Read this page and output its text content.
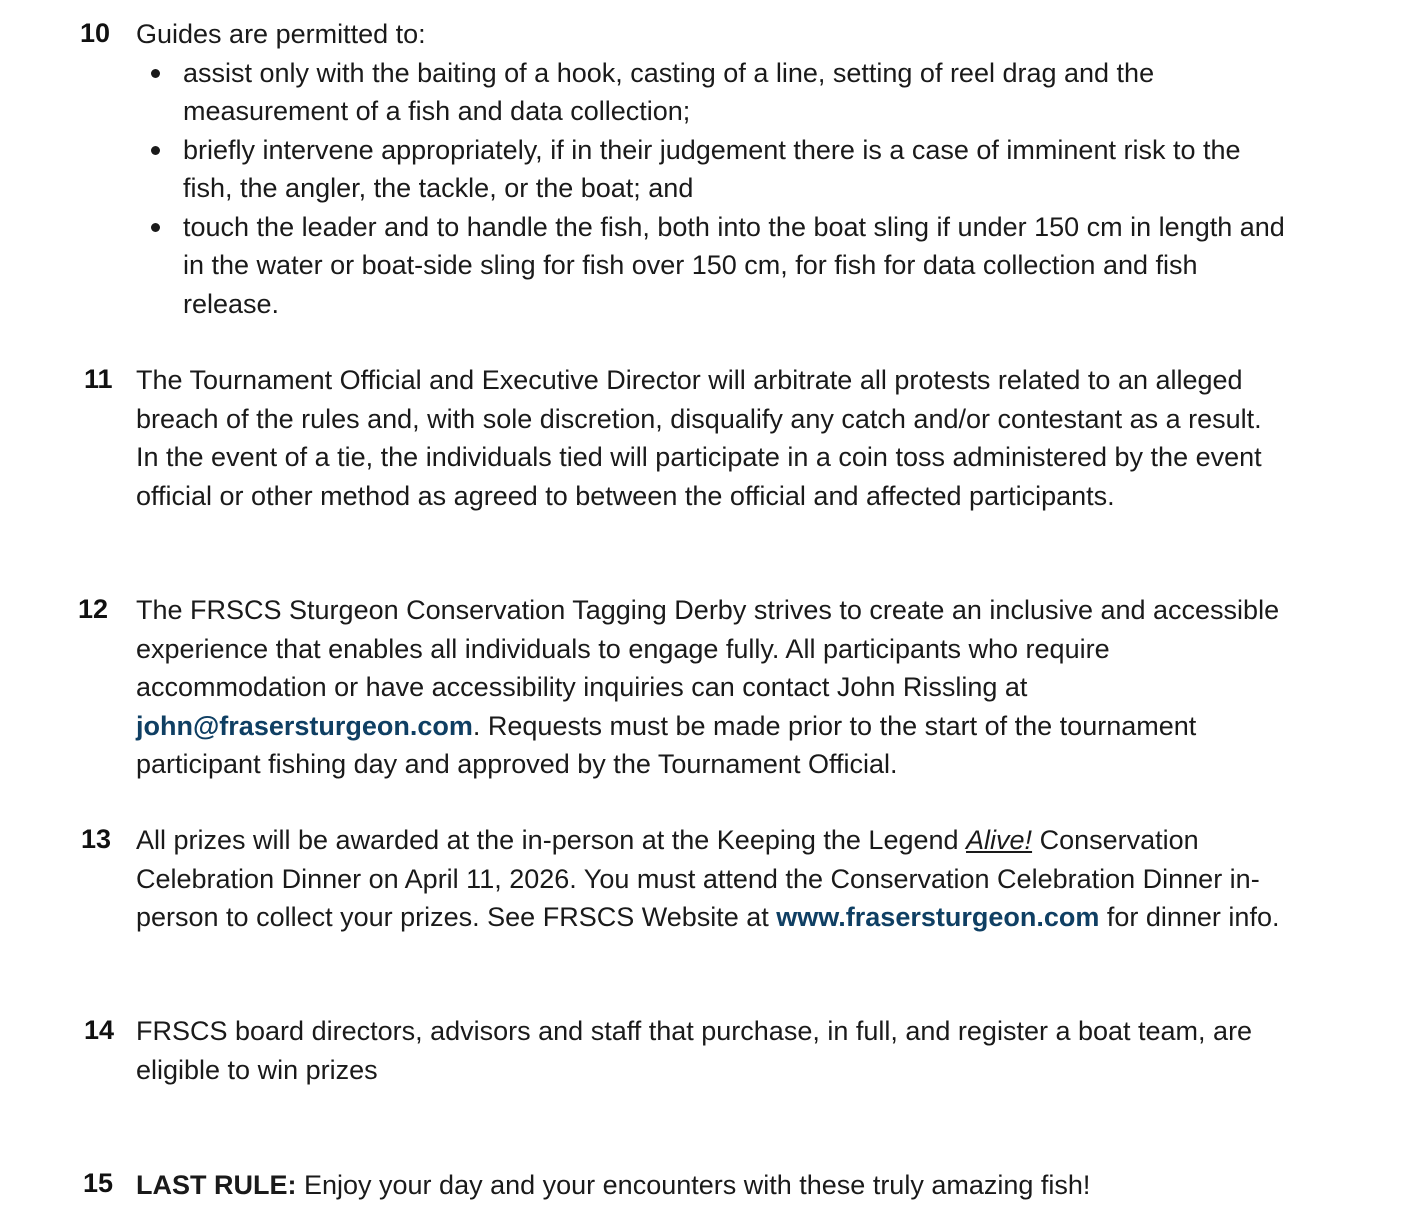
10 Guides are permitted to:

assist only with the baiting of a hook, casting of a line, setting of reel drag and the measurement of a fish and data collection;
briefly intervene appropriately, if in their judgement there is a case of imminent risk to the fish, the angler, the tackle, or the boat; and
touch the leader and to handle the fish, both into the boat sling if under 150 cm in length and in the water or boat-side sling for fish over 150 cm, for fish for data collection and fish release.
11 The Tournament Official and Executive Director will arbitrate all protests related to an alleged breach of the rules and, with sole discretion, disqualify any catch and/or contestant as a result. In the event of a tie, the individuals tied will participate in a coin toss administered by the event official or other method as agreed to between the official and affected participants.

12 The FRSCS Sturgeon Conservation Tagging Derby strives to create an inclusive and accessible experience that enables all individuals to engage fully. All participants who require accommodation or have accessibility inquiries can contact John Rissling at john@frasersturgeon.com. Requests must be made prior to the start of the tournament participant fishing day and approved by the Tournament Official.

13 All prizes will be awarded at the in-person at the Keeping the Legend Alive! Conservation Celebration Dinner on April 11, 2026. You must attend the Conservation Celebration Dinner in-person to collect your prizes. See FRSCS Website at www.frasersturgeon.com for dinner info.

14 FRSCS board directors, advisors and staff that purchase, in full, and register a boat team, are eligible to win prizes

15 LAST RULE: Enjoy your day and your encounters with these truly amazing fish!
